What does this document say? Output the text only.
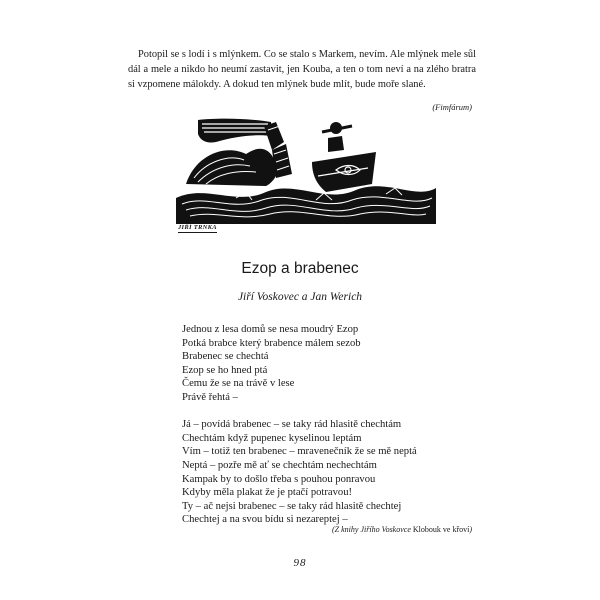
Potopil se s lodí i s mlýnkem. Co se stalo s Markem, nevím. Ale mlýnek mele sůl dál a mele a nikdo ho neumí zastavit, jen Kouba, a ten o tom neví a na zlého bratra si vzpomene málokdy. A dokud ten mlýnek bude mlít, bude moře slané.

(Fimfárum)
JIŘÍ TRNKA
Ezop a brabenec
Jiří Voskovec a Jan Werich
Jednou z lesa domů se nesa moudrý Ezop
Potká brabce který brabence málem sezob
Brabenec se chechtá
Ezop se ho hned ptá
Čemu že se na trávě v lese
Právě řehtá –
Já – povídá brabenec – se taky rád hlasitě chechtám
Chechtám když pupenec kyselinou leptám
Vím – totiž ten brabenec – mravenečník že se mě neptá
Neptá – pozře mě ať se chechtám nechechtám
Kampak by to došlo třeba s pouhou ponravou
Kdyby měla plakat že je ptačí potravou!
Ty – ač nejsi brabenec – se taky rád hlasitě chechtej
Chechtej a na svou bídu si nezareptej –
(Z knihy Jiřího Voskovce Klobouk ve křoví)
98
